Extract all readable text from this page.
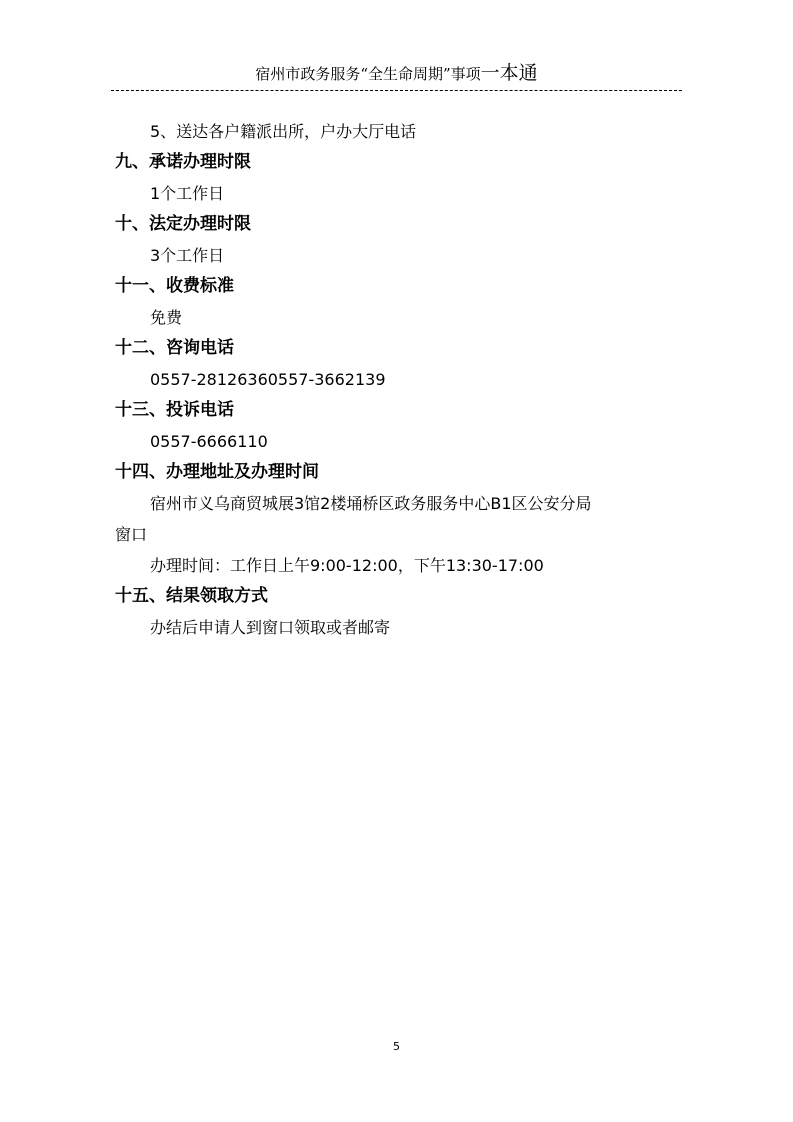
宿州市政务服务“全生命周期”事项一本通
5、送达各户籍派出所，户办大厅电话
九、承诺办理时限
1个工作日
十、法定办理时限
3个工作日
十一、收费标准
免费
十二、咨询电话
0557-28126360557-3662139
十三、投诉电话
0557-6666110
十四、办理地址及办理时间
宿州市义乌商贸城展3馆2楼埇桥区政务服务中心B1区公安分局
窗口
办理时间：工作日上午9:00-12:00，下午13:30-17:00
十五、结果领取方式
办结后申请人到窗口领取或者邮寄
5
